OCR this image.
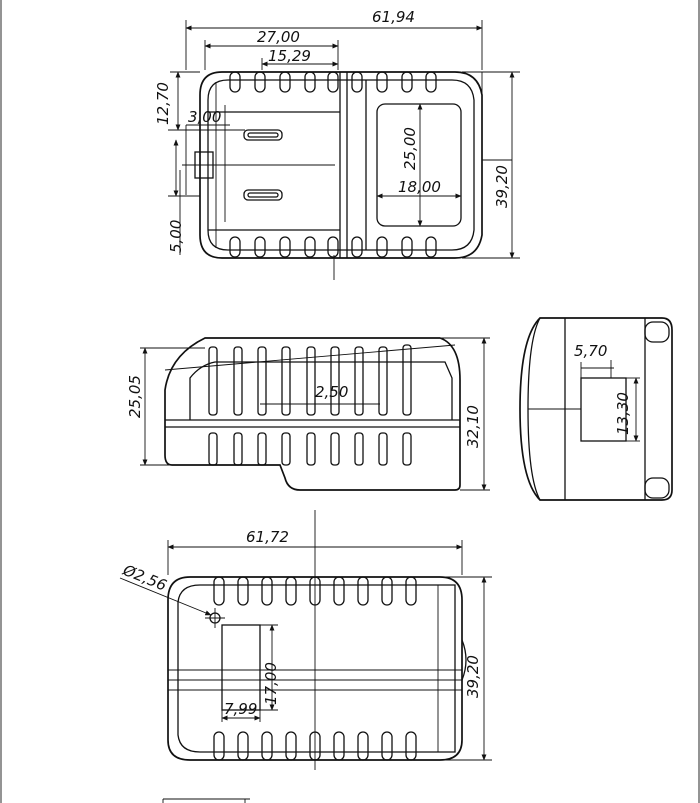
61,94
27,00
15,29
12,70 3,00
5,00
25,00
18,00	39,20
25,05	2,50
32,10
5,70
13,30
61,72
Ø2,56
17,00
7,99
39,20
